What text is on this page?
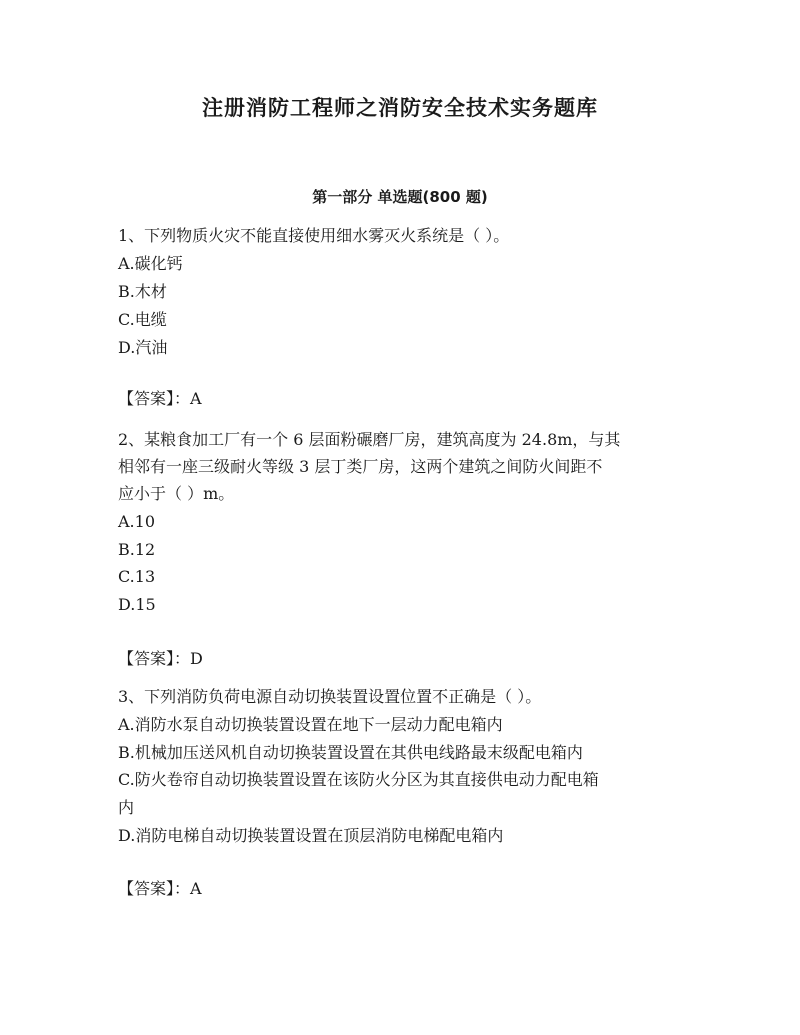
注册消防工程师之消防安全技术实务题库
第一部分 单选题(800 题)
1、下列物质火灾不能直接使用细水雾灭火系统是（ ）。
A.碳化钙
B.木材
C.电缆
D.汽油
【答案】：A
2、某粮食加工厂有一个 6 层面粉碾磨厂房，建筑高度为 24.8m，与其
相邻有一座三级耐火等级 3 层丁类厂房，这两个建筑之间防火间距不
应小于（ ）m。
A.10
B.12
C.13
D.15
【答案】：D
3、下列消防负荷电源自动切换装置设置位置不正确是（ ）。
A.消防水泵自动切换装置设置在地下一层动力配电箱内
B.机械加压送风机自动切换装置设置在其供电线路最末级配电箱内
C.防火卷帘自动切换装置设置在该防火分区为其直接供电动力配电箱
内
D.消防电梯自动切换装置设置在顶层消防电梯配电箱内
【答案】：A
